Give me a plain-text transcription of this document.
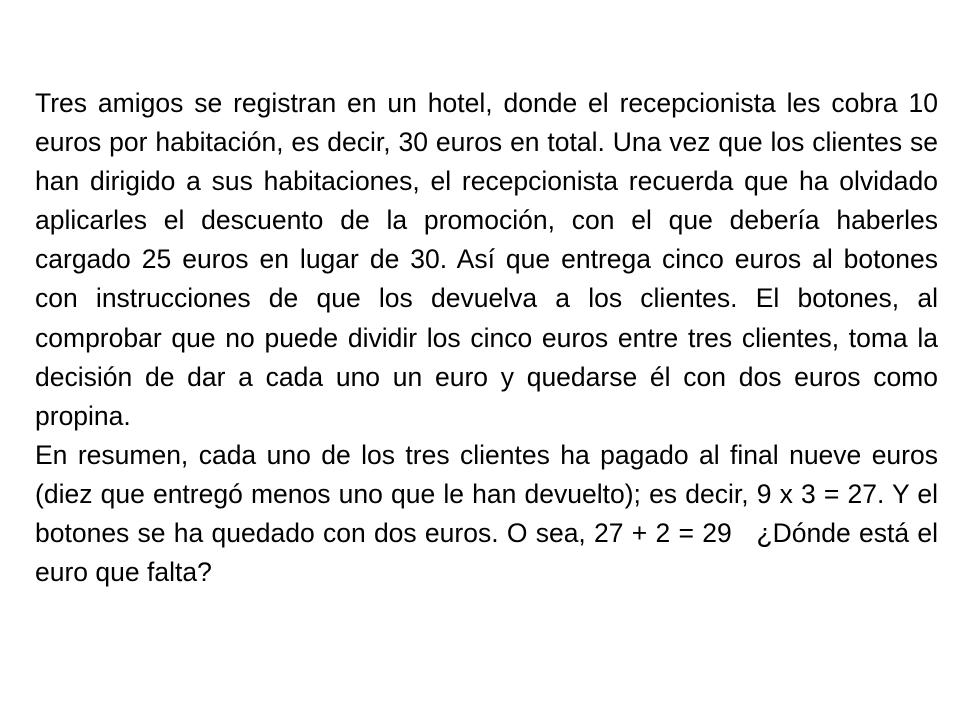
Tres amigos se registran en un hotel, donde el recepcionista les cobra 10 euros por habitación, es decir, 30 euros en total. Una vez que los clientes se han dirigido a sus habitaciones, el recepcionista recuerda que ha olvidado aplicarles el descuento de la promoción, con el que debería haberles cargado 25 euros en lugar de 30. Así que entrega cinco euros al botones con instrucciones de que los devuelva a los clientes. El botones, al comprobar que no puede dividir los cinco euros entre tres clientes, toma la decisión de dar a cada uno un euro y quedarse él con dos euros como propina.

En resumen, cada uno de los tres clientes ha pagado al final nueve euros (diez que entregó menos uno que le han devuelto); es decir, 9 x 3 = 27. Y el botones se ha quedado con dos euros. O sea, 27 + 2 = 29   ¿Dónde está el euro que falta?
